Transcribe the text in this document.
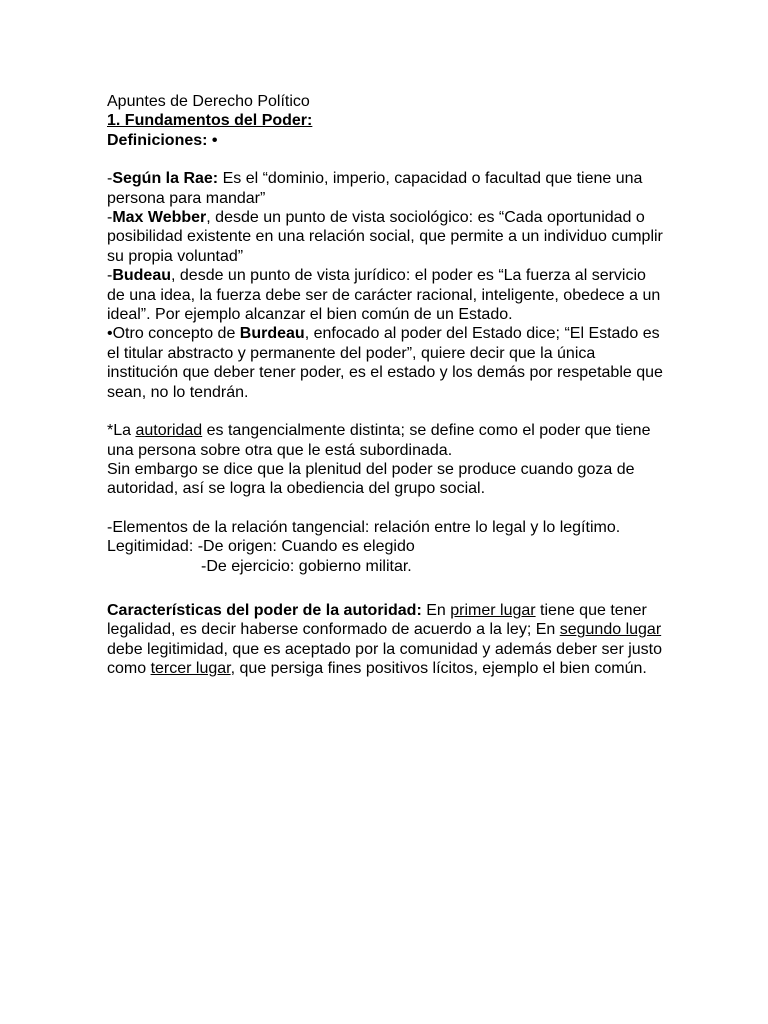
Apuntes de Derecho Político

1. Fundamentos del Poder:

Definiciones: •

-Según la Rae: Es el “dominio, imperio, capacidad o facultad que tiene una persona para mandar”

-Max Webber, desde un punto de vista sociológico: es “Cada oportunidad o posibilidad existente en una relación social, que permite a un individuo cumplir su propia voluntad”

-Budeau, desde un punto de vista jurídico: el poder es “La fuerza al servicio de una idea, la fuerza debe ser de carácter racional, inteligente, obedece a un ideal”. Por ejemplo alcanzar el bien común de un Estado.

•Otro concepto de Burdeau, enfocado al poder del Estado dice; “El Estado es el titular abstracto y permanente del poder”, quiere decir que la única institución que deber tener poder, es el estado y los demás por respetable que sean, no lo tendrán.

*La autoridad es tangencialmente distinta; se define como el poder que tiene una persona sobre otra que le está subordinada.

Sin embargo se dice que la plenitud del poder se produce cuando goza de autoridad, así se logra la obediencia del grupo social.

-Elementos de la relación tangencial: relación entre lo legal y lo legítimo.

Legitimidad: -De origen: Cuando es elegido

-De ejercicio: gobierno militar.

Características del poder de la autoridad: En primer lugar tiene que tener legalidad, es decir haberse conformado de acuerdo a la ley; En segundo lugar debe legitimidad, que es aceptado por la comunidad y además deber ser justo como tercer lugar, que persiga fines positivos lícitos, ejemplo el bien común.
